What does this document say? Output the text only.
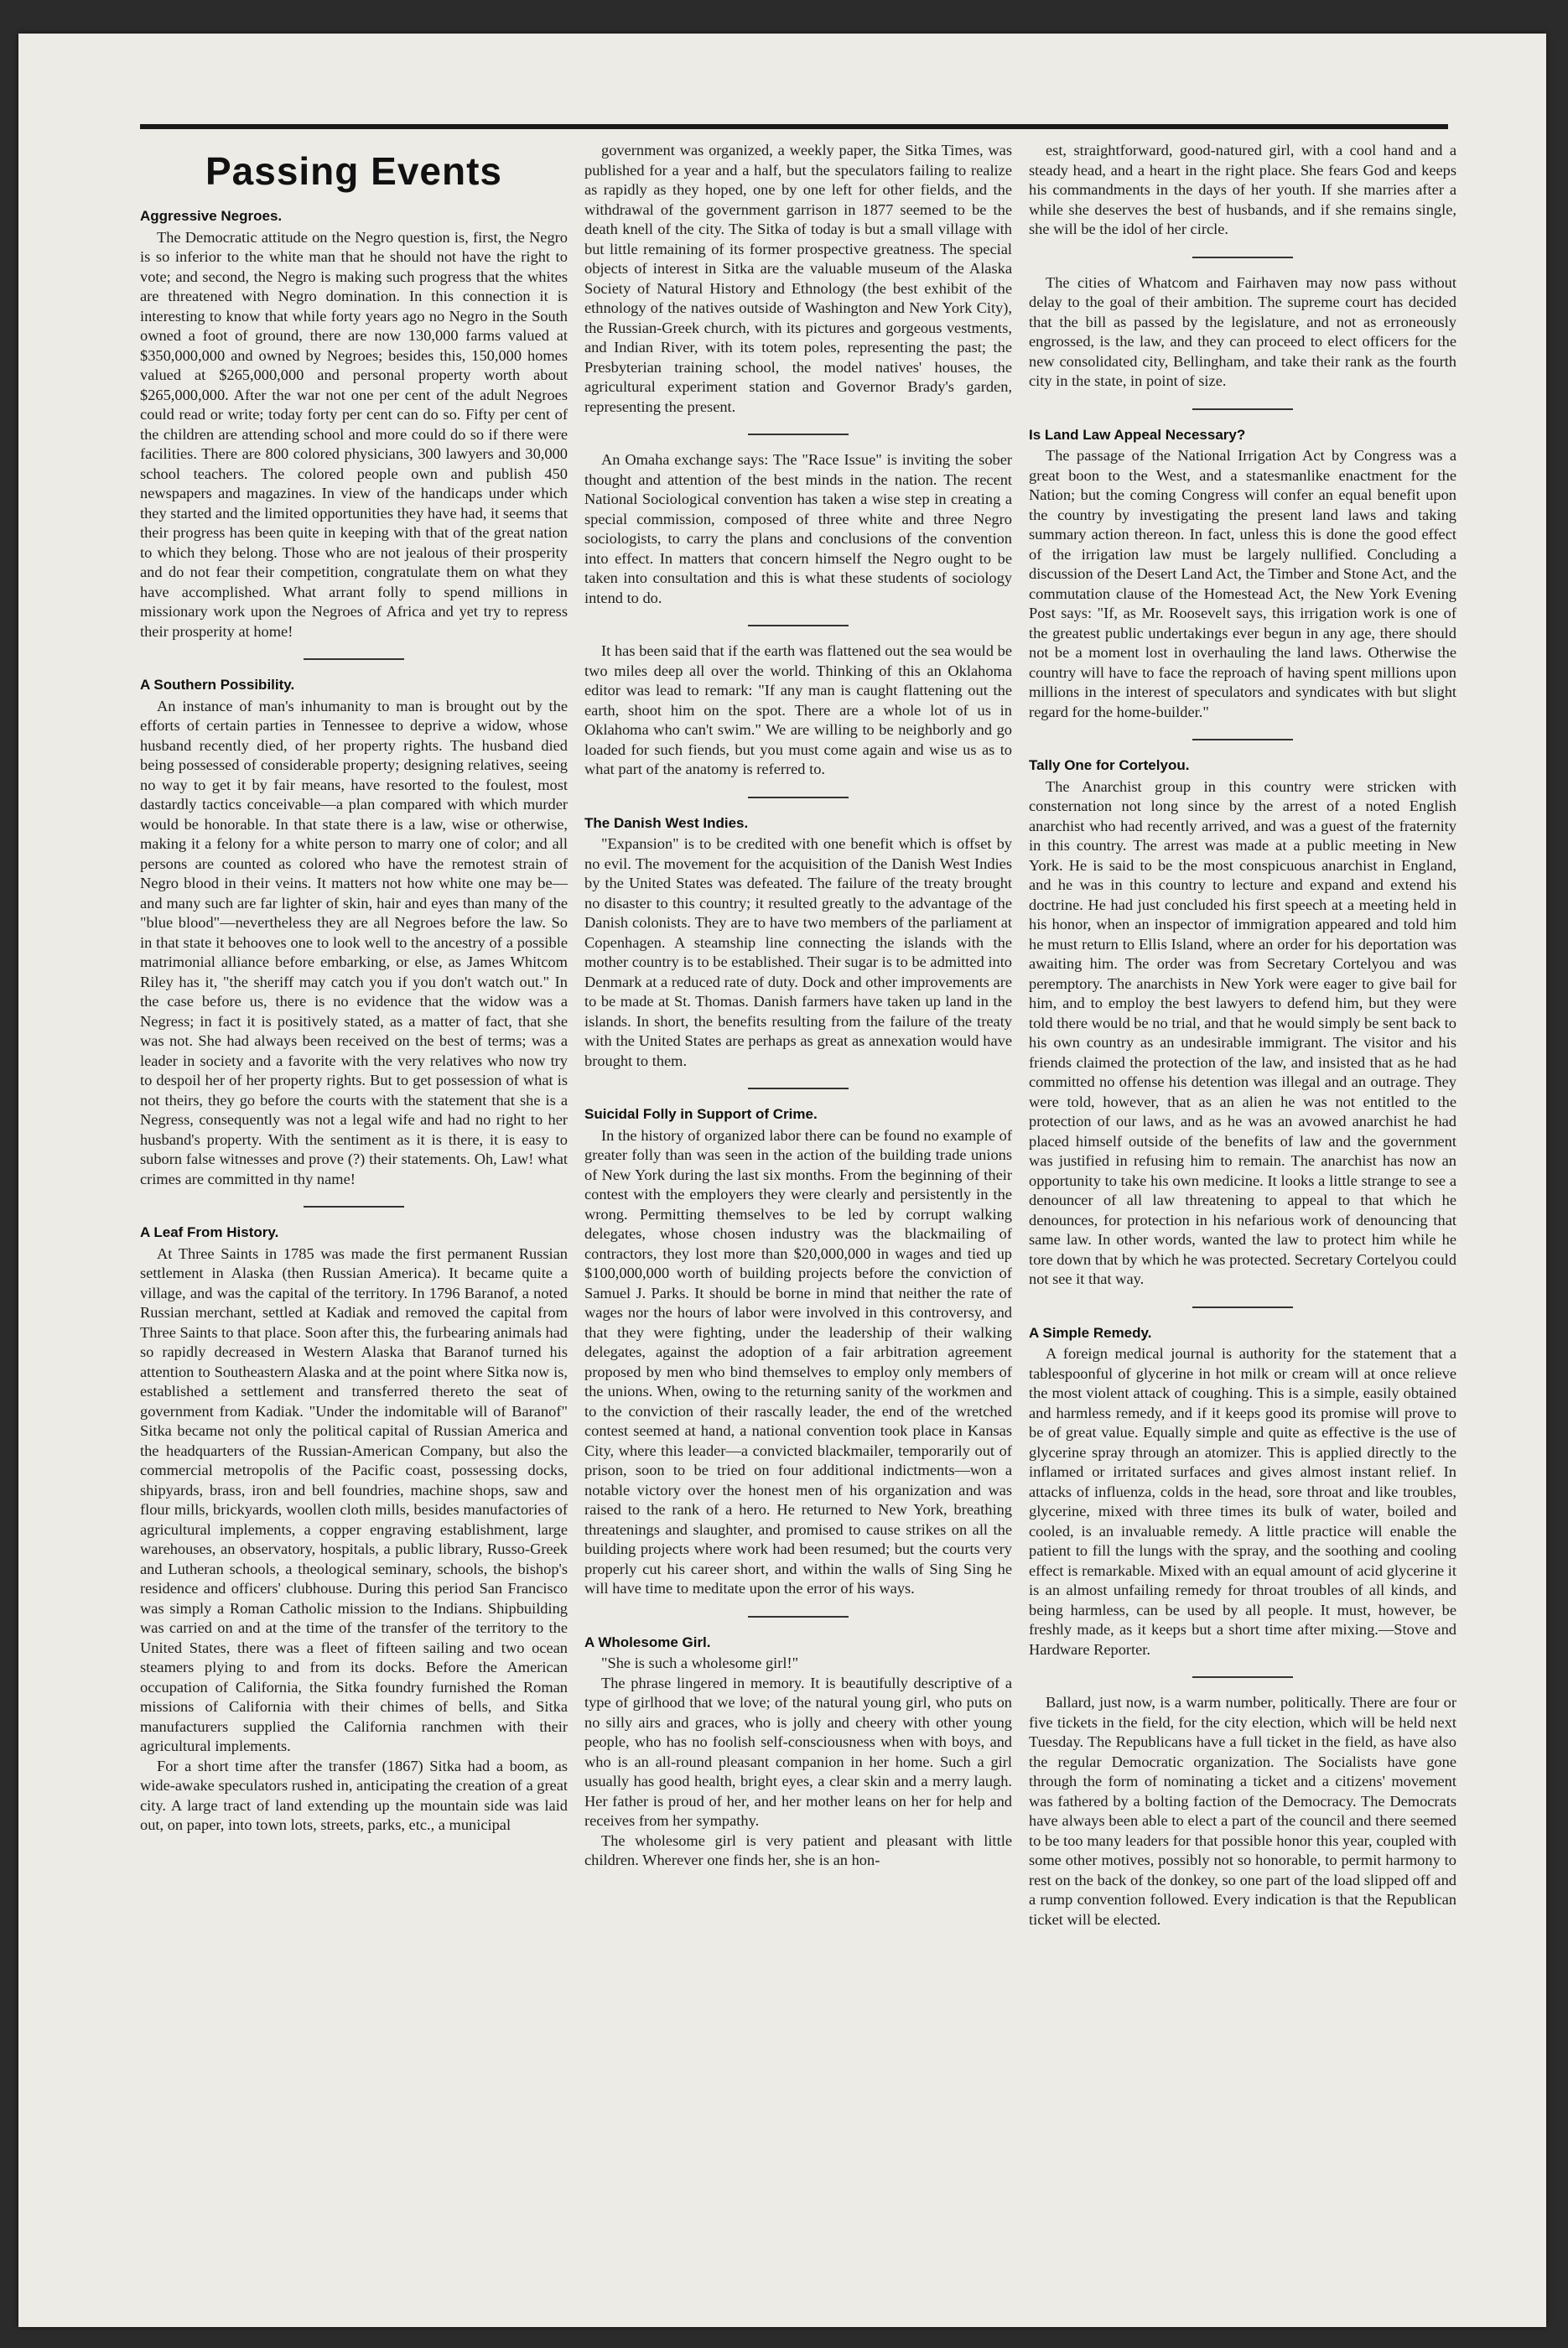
Passing Events
Aggressive Negroes.

The Democratic attitude on the Negro question is, first, the Negro is so inferior to the white man that he should not have the right to vote; and second, the Negro is making such progress that the whites are threatened with Negro domination. In this connection it is interesting to know that while forty years ago no Negro in the South owned a foot of ground, there are now 130,000 farms valued at $350,000,000 and owned by Negroes; besides this, 150,000 homes valued at $265,000,000 and personal property worth about $265,000,000. After the war not one per cent of the adult Negroes could read or write; today forty per cent can do so. Fifty per cent of the children are attending school and more could do so if there were facilities. There are 800 colored physicians, 300 lawyers and 30,000 school teachers. The colored people own and publish 450 newspapers and magazines. In view of the handicaps under which they started and the limited opportunities they have had, it seems that their progress has been quite in keeping with that of the great nation to which they belong. Those who are not jealous of their prosperity and do not fear their competition, congratulate them on what they have accomplished. What arrant folly to spend millions in missionary work upon the Negroes of Africa and yet try to repress their prosperity at home!

A Southern Possibility.

An instance of man's inhumanity to man is brought out by the efforts of certain parties in Tennessee to deprive a widow, whose husband recently died, of her property rights. The husband died being possessed of considerable property; designing relatives, seeing no way to get it by fair means, have resorted to the foulest, most dastardly tactics conceivable—a plan compared with which murder would be honorable. In that state there is a law, wise or otherwise, making it a felony for a white person to marry one of color; and all persons are counted as colored who have the remotest strain of Negro blood in their veins. It matters not how white one may be—and many such are far lighter of skin, hair and eyes than many of the "blue blood"—nevertheless they are all Negroes before the law. So in that state it behooves one to look well to the ancestry of a possible matrimonial alliance before embarking, or else, as James Whitcom Riley has it, "the sheriff may catch you if you don't watch out." In the case before us, there is no evidence that the widow was a Negress; in fact it is positively stated, as a matter of fact, that she was not. She had always been received on the best of terms; was a leader in society and a favorite with the very relatives who now try to despoil her of her property rights. But to get possession of what is not theirs, they go before the courts with the statement that she is a Negress, consequently was not a legal wife and had no right to her husband's property. With the sentiment as it is there, it is easy to suborn false witnesses and prove (?) their statements. Oh, Law! what crimes are committed in thy name!

A Leaf From History.

At Three Saints in 1785 was made the first permanent Russian settlement in Alaska (then Russian America). It became quite a village, and was the capital of the territory. In 1796 Baranof, a noted Russian merchant, settled at Kadiak and removed the capital from Three Saints to that place. Soon after this, the furbearing animals had so rapidly decreased in Western Alaska that Baranof turned his attention to Southeastern Alaska and at the point where Sitka now is, established a settlement and transferred thereto the seat of government from Kadiak. "Under the indomitable will of Baranof" Sitka became not only the political capital of Russian America and the headquarters of the Russian-American Company, but also the commercial metropolis of the Pacific coast, possessing docks, shipyards, brass, iron and bell foundries, machine shops, saw and flour mills, brickyards, woollen cloth mills, besides manufactories of agricultural implements, a copper engraving establishment, large warehouses, an observatory, hospitals, a public library, Russo-Greek and Lutheran schools, a theological seminary, schools, the bishop's residence and officers' clubhouse. During this period San Francisco was simply a Roman Catholic mission to the Indians. Shipbuilding was carried on and at the time of the transfer of the territory to the United States, there was a fleet of fifteen sailing and two ocean steamers plying to and from its docks. Before the American occupation of California, the Sitka foundry furnished the Roman missions of California with their chimes of bells, and Sitka manufacturers supplied the California ranchmen with their agricultural implements.

For a short time after the transfer (1867) Sitka had a boom, as wide-awake speculators rushed in, anticipating the creation of a great city. A large tract of land extending up the mountain side was laid out, on paper, into town lots, streets, parks, etc., a municipal

government was organized, a weekly paper, the Sitka Times, was published for a year and a half, but the speculators failing to realize as rapidly as they hoped, one by one left for other fields, and the withdrawal of the government garrison in 1877 seemed to be the death knell of the city. The Sitka of today is but a small village with but little remaining of its former prospective greatness. The special objects of interest in Sitka are the valuable museum of the Alaska Society of Natural History and Ethnology (the best exhibit of the ethnology of the natives outside of Washington and New York City), the Russian-Greek church, with its pictures and gorgeous vestments, and Indian River, with its totem poles, representing the past; the Presbyterian training school, the model natives' houses, the agricultural experiment station and Governor Brady's garden, representing the present.

An Omaha exchange says: The "Race Issue" is inviting the sober thought and attention of the best minds in the nation. The recent National Sociological convention has taken a wise step in creating a special commission, composed of three white and three Negro sociologists, to carry the plans and conclusions of the convention into effect. In matters that concern himself the Negro ought to be taken into consultation and this is what these students of sociology intend to do.

It has been said that if the earth was flattened out the sea would be two miles deep all over the world. Thinking of this an Oklahoma editor was lead to remark: "If any man is caught flattening out the earth, shoot him on the spot. There are a whole lot of us in Oklahoma who can't swim." We are willing to be neighborly and go loaded for such fiends, but you must come again and wise us as to what part of the anatomy is referred to.

The Danish West Indies.

"Expansion" is to be credited with one benefit which is offset by no evil. The movement for the acquisition of the Danish West Indies by the United States was defeated. The failure of the treaty brought no disaster to this country; it resulted greatly to the advantage of the Danish colonists. They are to have two members of the parliament at Copenhagen. A steamship line connecting the islands with the mother country is to be established. Their sugar is to be admitted into Denmark at a reduced rate of duty. Dock and other improvements are to be made at St. Thomas. Danish farmers have taken up land in the islands. In short, the benefits resulting from the failure of the treaty with the United States are perhaps as great as annexation would have brought to them.

Suicidal Folly in Support of Crime.

In the history of organized labor there can be found no example of greater folly than was seen in the action of the building trade unions of New York during the last six months. From the beginning of their contest with the employers they were clearly and persistently in the wrong. Permitting themselves to be led by corrupt walking delegates, whose chosen industry was the blackmailing of contractors, they lost more than $20,000,000 in wages and tied up $100,000,000 worth of building projects before the conviction of Samuel J. Parks. It should be borne in mind that neither the rate of wages nor the hours of labor were involved in this controversy, and that they were fighting, under the leadership of their walking delegates, against the adoption of a fair arbitration agreement proposed by men who bind themselves to employ only members of the unions. When, owing to the returning sanity of the workmen and to the conviction of their rascally leader, the end of the wretched contest seemed at hand, a national convention took place in Kansas City, where this leader—a convicted blackmailer, temporarily out of prison, soon to be tried on four additional indictments—won a notable victory over the honest men of his organization and was raised to the rank of a hero. He returned to New York, breathing threatenings and slaughter, and promised to cause strikes on all the building projects where work had been resumed; but the courts very properly cut his career short, and within the walls of Sing Sing he will have time to meditate upon the error of his ways.

A Wholesome Girl.

"She is such a wholesome girl!"

The phrase lingered in memory. It is beautifully descriptive of a type of girlhood that we love; of the natural young girl, who puts on no silly airs and graces, who is jolly and cheery with other young people, who has no foolish self-consciousness when with boys, and who is an all-round pleasant companion in her home. Such a girl usually has good health, bright eyes, a clear skin and a merry laugh. Her father is proud of her, and her mother leans on her for help and receives from her sympathy.

The wholesome girl is very patient and pleasant with little children. Wherever one finds her, she is an hon-

est, straightforward, good-natured girl, with a cool hand and a steady head, and a heart in the right place. She fears God and keeps his commandments in the days of her youth. If she marries after a while she deserves the best of husbands, and if she remains single, she will be the idol of her circle.

The cities of Whatcom and Fairhaven may now pass without delay to the goal of their ambition. The supreme court has decided that the bill as passed by the legislature, and not as erroneously engrossed, is the law, and they can proceed to elect officers for the new consolidated city, Bellingham, and take their rank as the fourth city in the state, in point of size.

Is Land Law Appeal Necessary?

The passage of the National Irrigation Act by Congress was a great boon to the West, and a statesmanlike enactment for the Nation; but the coming Congress will confer an equal benefit upon the country by investigating the present land laws and taking summary action thereon. In fact, unless this is done the good effect of the irrigation law must be largely nullified. Concluding a discussion of the Desert Land Act, the Timber and Stone Act, and the commutation clause of the Homestead Act, the New York Evening Post says: "If, as Mr. Roosevelt says, this irrigation work is one of the greatest public undertakings ever begun in any age, there should not be a moment lost in overhauling the land laws. Otherwise the country will have to face the reproach of having spent millions upon millions in the interest of speculators and syndicates with but slight regard for the home-builder."

Tally One for Cortelyou.

The Anarchist group in this country were stricken with consternation not long since by the arrest of a noted English anarchist who had recently arrived, and was a guest of the fraternity in this country. The arrest was made at a public meeting in New York. He is said to be the most conspicuous anarchist in England, and he was in this country to lecture and expand and extend his doctrine. He had just concluded his first speech at a meeting held in his honor, when an inspector of immigration appeared and told him he must return to Ellis Island, where an order for his deportation was awaiting him. The order was from Secretary Cortelyou and was peremptory. The anarchists in New York were eager to give bail for him, and to employ the best lawyers to defend him, but they were told there would be no trial, and that he would simply be sent back to his own country as an undesirable immigrant. The visitor and his friends claimed the protection of the law, and insisted that as he had committed no offense his detention was illegal and an outrage. They were told, however, that as an alien he was not entitled to the protection of our laws, and as he was an avowed anarchist he had placed himself outside of the benefits of law and the government was justified in refusing him to remain. The anarchist has now an opportunity to take his own medicine. It looks a little strange to see a denouncer of all law threatening to appeal to that which he denounces, for protection in his nefarious work of denouncing that same law. In other words, wanted the law to protect him while he tore down that by which he was protected. Secretary Cortelyou could not see it that way.

A Simple Remedy.

A foreign medical journal is authority for the statement that a tablespoonful of glycerine in hot milk or cream will at once relieve the most violent attack of coughing. This is a simple, easily obtained and harmless remedy, and if it keeps good its promise will prove to be of great value. Equally simple and quite as effective is the use of glycerine spray through an atomizer. This is applied directly to the inflamed or irritated surfaces and gives almost instant relief. In attacks of influenza, colds in the head, sore throat and like troubles, glycerine, mixed with three times its bulk of water, boiled and cooled, is an invaluable remedy. A little practice will enable the patient to fill the lungs with the spray, and the soothing and cooling effect is remarkable. Mixed with an equal amount of acid glycerine it is an almost unfailing remedy for throat troubles of all kinds, and being harmless, can be used by all people. It must, however, be freshly made, as it keeps but a short time after mixing.—Stove and Hardware Reporter.

Ballard, just now, is a warm number, politically. There are four or five tickets in the field, for the city election, which will be held next Tuesday. The Republicans have a full ticket in the field, as have also the regular Democratic organization. The Socialists have gone through the form of nominating a ticket and a citizens' movement was fathered by a bolting faction of the Democracy. The Democrats have always been able to elect a part of the council and there seemed to be too many leaders for that possible honor this year, coupled with some other motives, possibly not so honorable, to permit harmony to rest on the back of the donkey, so one part of the load slipped off and a rump convention followed. Every indication is that the Republican ticket will be elected.
